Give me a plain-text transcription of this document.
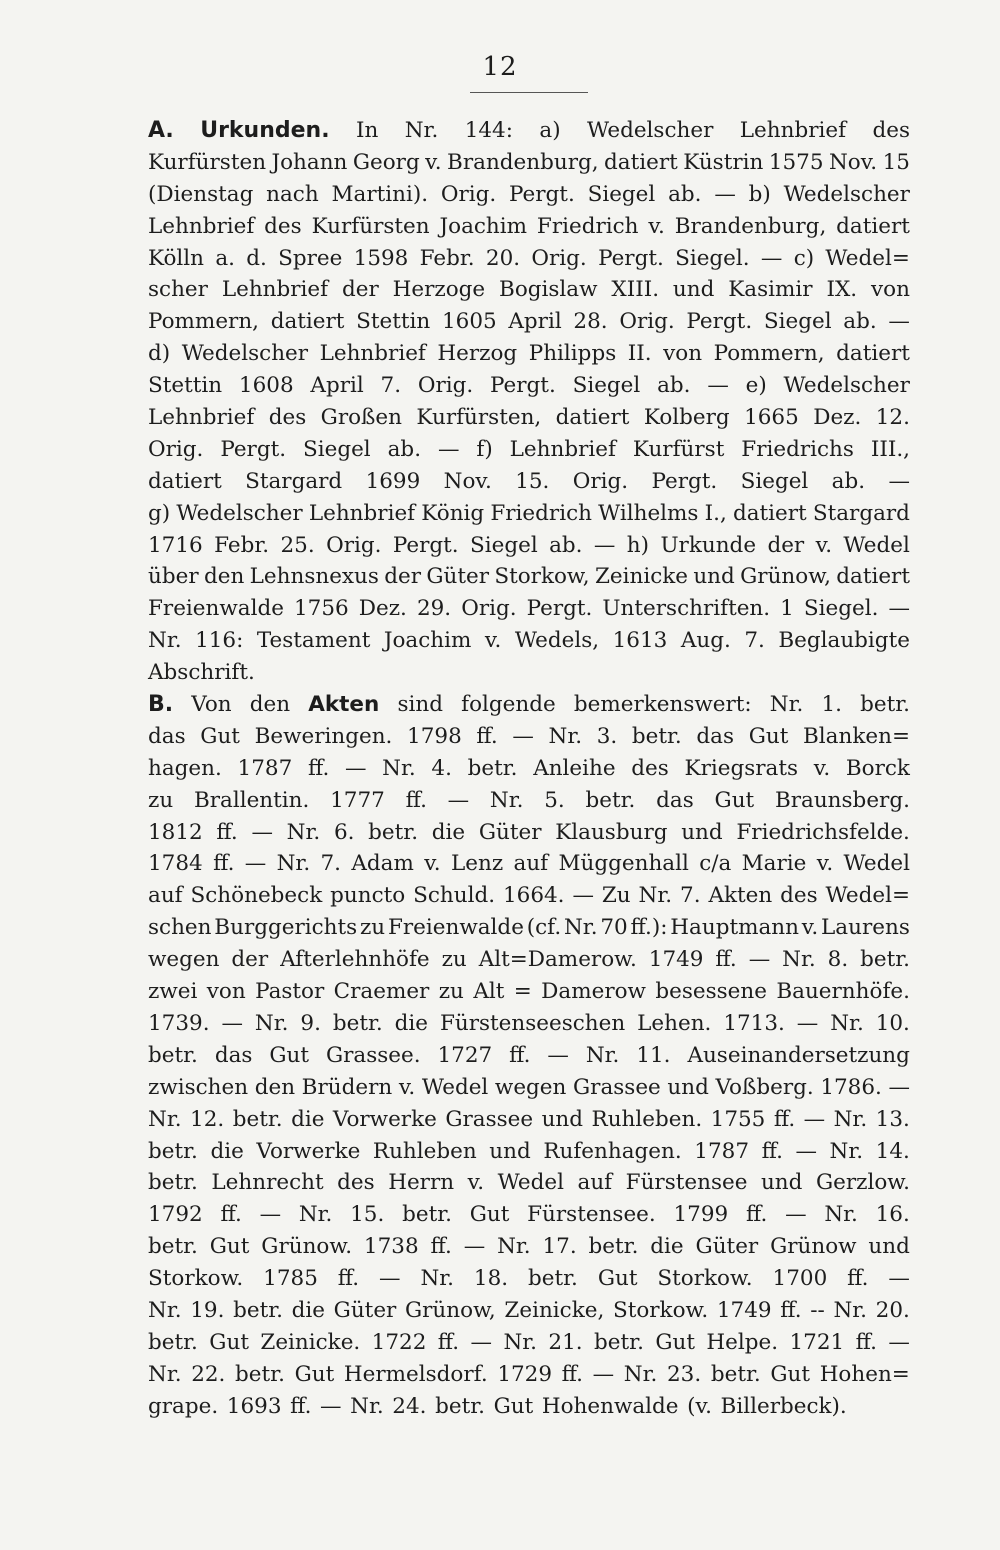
12
A. Urkunden. In Nr. 144: a) Wedelscher Lehnbrief des
Kurfürsten Johann Georg v. Brandenburg, datiert Küstrin 1575 Nov. 15
(Dienstag nach Martini). Orig. Pergt. Siegel ab. — b) Wedelscher
Lehnbrief des Kurfürsten Joachim Friedrich v. Brandenburg, datiert
Kölln a. d. Spree 1598 Febr. 20. Orig. Pergt. Siegel. — c) Wedel=
scher Lehnbrief der Herzoge Bogislaw XIII. und Kasimir IX. von
Pommern, datiert Stettin 1605 April 28. Orig. Pergt. Siegel ab. —
d) Wedelscher Lehnbrief Herzog Philipps II. von Pommern, datiert
Stettin 1608 April 7. Orig. Pergt. Siegel ab. — e) Wedelscher
Lehnbrief des Großen Kurfürsten, datiert Kolberg 1665 Dez. 12.
Orig. Pergt. Siegel ab. — f) Lehnbrief Kurfürst Friedrichs III.,
datiert Stargard 1699 Nov. 15. Orig. Pergt. Siegel ab. —
g) Wedelscher Lehnbrief König Friedrich Wilhelms I., datiert Stargard
1716 Febr. 25. Orig. Pergt. Siegel ab. — h) Urkunde der v. Wedel
über den Lehnsnexus der Güter Storkow, Zeinicke und Grünow, datiert
Freienwalde 1756 Dez. 29. Orig. Pergt. Unterschriften. 1 Siegel. —
Nr. 116: Testament Joachim v. Wedels, 1613 Aug. 7. Beglaubigte
Abschrift.
B. Von den Akten sind folgende bemerkenswert: Nr. 1. betr.
das Gut Beweringen. 1798 ff. — Nr. 3. betr. das Gut Blanken=
hagen. 1787 ff. — Nr. 4. betr. Anleihe des Kriegsrats v. Borck
zu Brallentin. 1777 ff. — Nr. 5. betr. das Gut Braunsberg.
1812 ff. — Nr. 6. betr. die Güter Klausburg und Friedrichsfelde.
1784 ff. — Nr. 7. Adam v. Lenz auf Müggenhall c/a Marie v. Wedel
auf Schönebeck puncto Schuld. 1664. — Zu Nr. 7. Akten des Wedel=
schen Burggerichts zu Freienwalde (cf. Nr. 70 ff.): Hauptmann v. Laurens
wegen der Afterlehnhöfe zu Alt=Damerow. 1749 ff. — Nr. 8. betr.
zwei von Pastor Craemer zu Alt = Damerow besessene Bauernhöfe.
1739. — Nr. 9. betr. die Fürstenseeschen Lehen. 1713. — Nr. 10.
betr. das Gut Grassee. 1727 ff. — Nr. 11. Auseinandersetzung
zwischen den Brüdern v. Wedel wegen Grassee und Voßberg. 1786. —
Nr. 12. betr. die Vorwerke Grassee und Ruhleben. 1755 ff. — Nr. 13.
betr. die Vorwerke Ruhleben und Rufenhagen. 1787 ff. — Nr. 14.
betr. Lehnrecht des Herrn v. Wedel auf Fürstensee und Gerzlow.
1792 ff. — Nr. 15. betr. Gut Fürstensee. 1799 ff. — Nr. 16.
betr. Gut Grünow. 1738 ff. — Nr. 17. betr. die Güter Grünow und
Storkow. 1785 ff. — Nr. 18. betr. Gut Storkow. 1700 ff. —
Nr. 19. betr. die Güter Grünow, Zeinicke, Storkow. 1749 ff. -- Nr. 20.
betr. Gut Zeinicke. 1722 ff. — Nr. 21. betr. Gut Helpe. 1721 ff. —
Nr. 22. betr. Gut Hermelsdorf. 1729 ff. — Nr. 23. betr. Gut Hohen=
grape. 1693 ff. — Nr. 24. betr. Gut Hohenwalde (v. Billerbeck).
